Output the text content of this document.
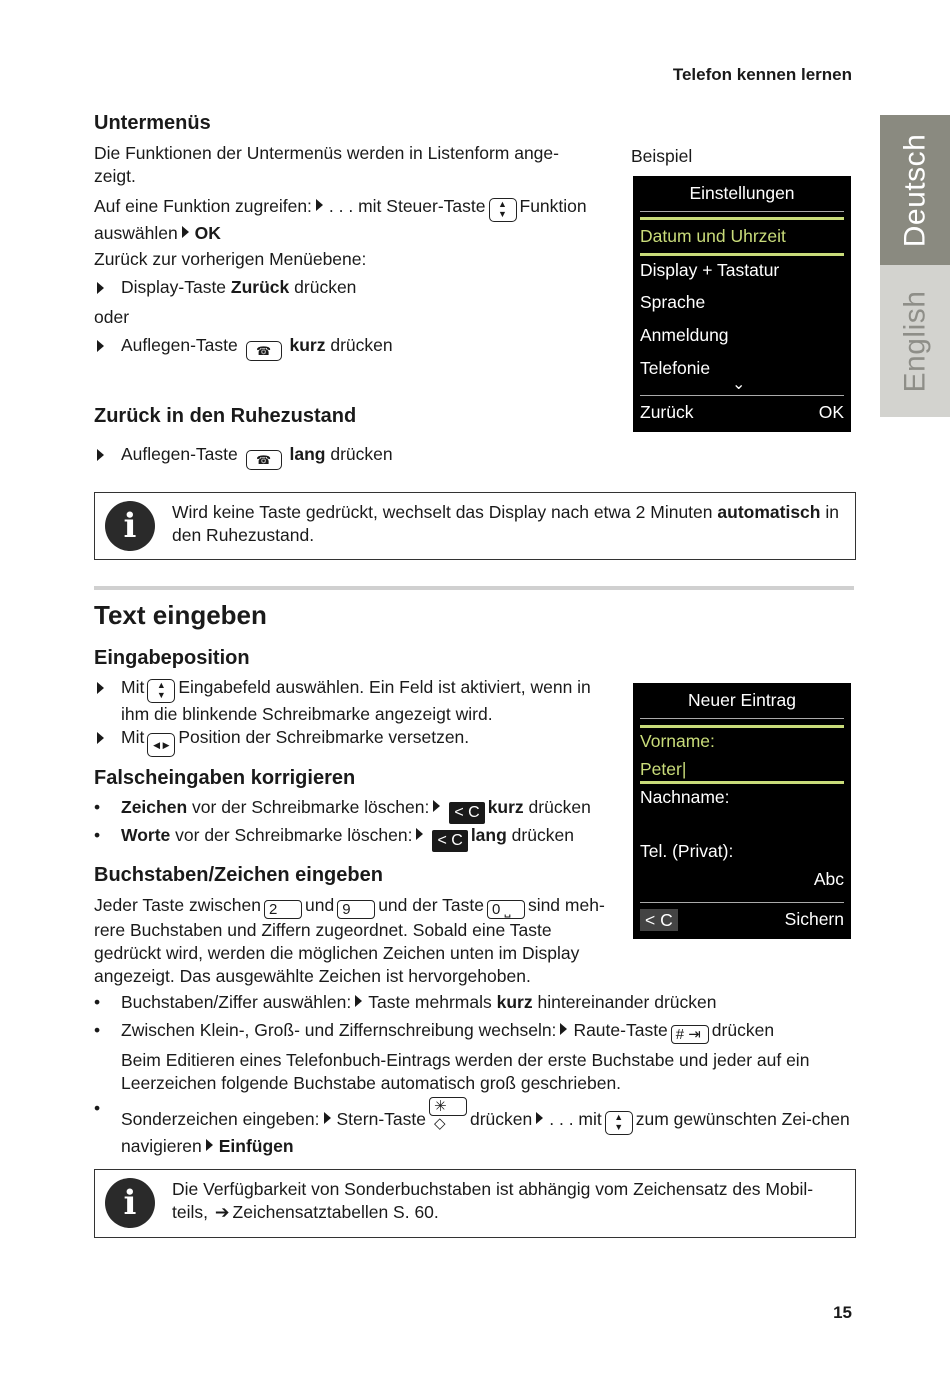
Telefon kennen lernen
Deutsch
English
Untermenüs

Die Funktionen der Untermenüs werden in Listenform ange-zeigt.

Auf eine Funktion zugreifen: . . . mit Steuer-Taste ▲
▼ Funktion auswählen OK

Zurück zur vorherigen Menüebene:

Display-Taste Zurück drücken

oder

Auflegen-Taste ☎ kurz drücken
Zurück in den Ruhezustand
Auflegen-Taste ☎ lang drücken
Beispiel
Einstellungen
Datum und Uhrzeit
Display + Tastatur
Sprache
Anmeldung
Telefonie
⌄
Zurück	OK
i	Wird keine Taste gedrückt, wechselt das Display nach etwa 2 Minuten automatisch in den Ruhezustand.

Text eingeben
Eingabeposition
Mit ▲
▼ Eingabefeld auswählen. Ein Feld ist aktiviert, wenn in ihm die blinkende Schreibmarke angezeigt wird.
Mit ◀ ▶ Position der Schreibmarke versetzen.
Falscheingaben korrigieren
• Zeichen vor der Schreibmarke löschen: < C kurz drücken
• Worte vor der Schreibmarke löschen: < C lang drücken
Buchstaben/Zeichen eingeben

Jeder Taste zwischen 2 und 9 und der Taste 0 ⎵ sind meh-rere Buchstaben und Ziffern zugeordnet. Sobald eine Taste gedrückt wird, werden die möglichen Zeichen unten im Display angezeigt. Das ausgewählte Zeichen ist hervorgehoben.

• Buchstaben/Ziffer auswählen: Taste mehrmals kurz hintereinander drücken
• Zwischen Klein-, Groß- und Ziffernschreibung wechseln: Raute-Taste # ⇥ drücken

Beim Editieren eines Telefonbuch-Eintrags werden der erste Buchstabe und jeder auf ein Leerzeichen folgende Buchstabe automatisch groß geschrieben.

•
Sonderzeichen eingeben: Stern-Taste✳ ◇ drücken . . . mit ▲
▼ zum gewünschten Zei-chen navigieren Einfügen
Neuer Eintrag
Vorname:
Peter|
Nachname:
Tel. (Privat):
Abc
< C	Sichern
i	Die Verfügbarkeit von Sonderbuchstaben ist abhängig vom Zeichensatz des Mobil-teils, ➔ Zeichensatztabellen S. 60.

15
